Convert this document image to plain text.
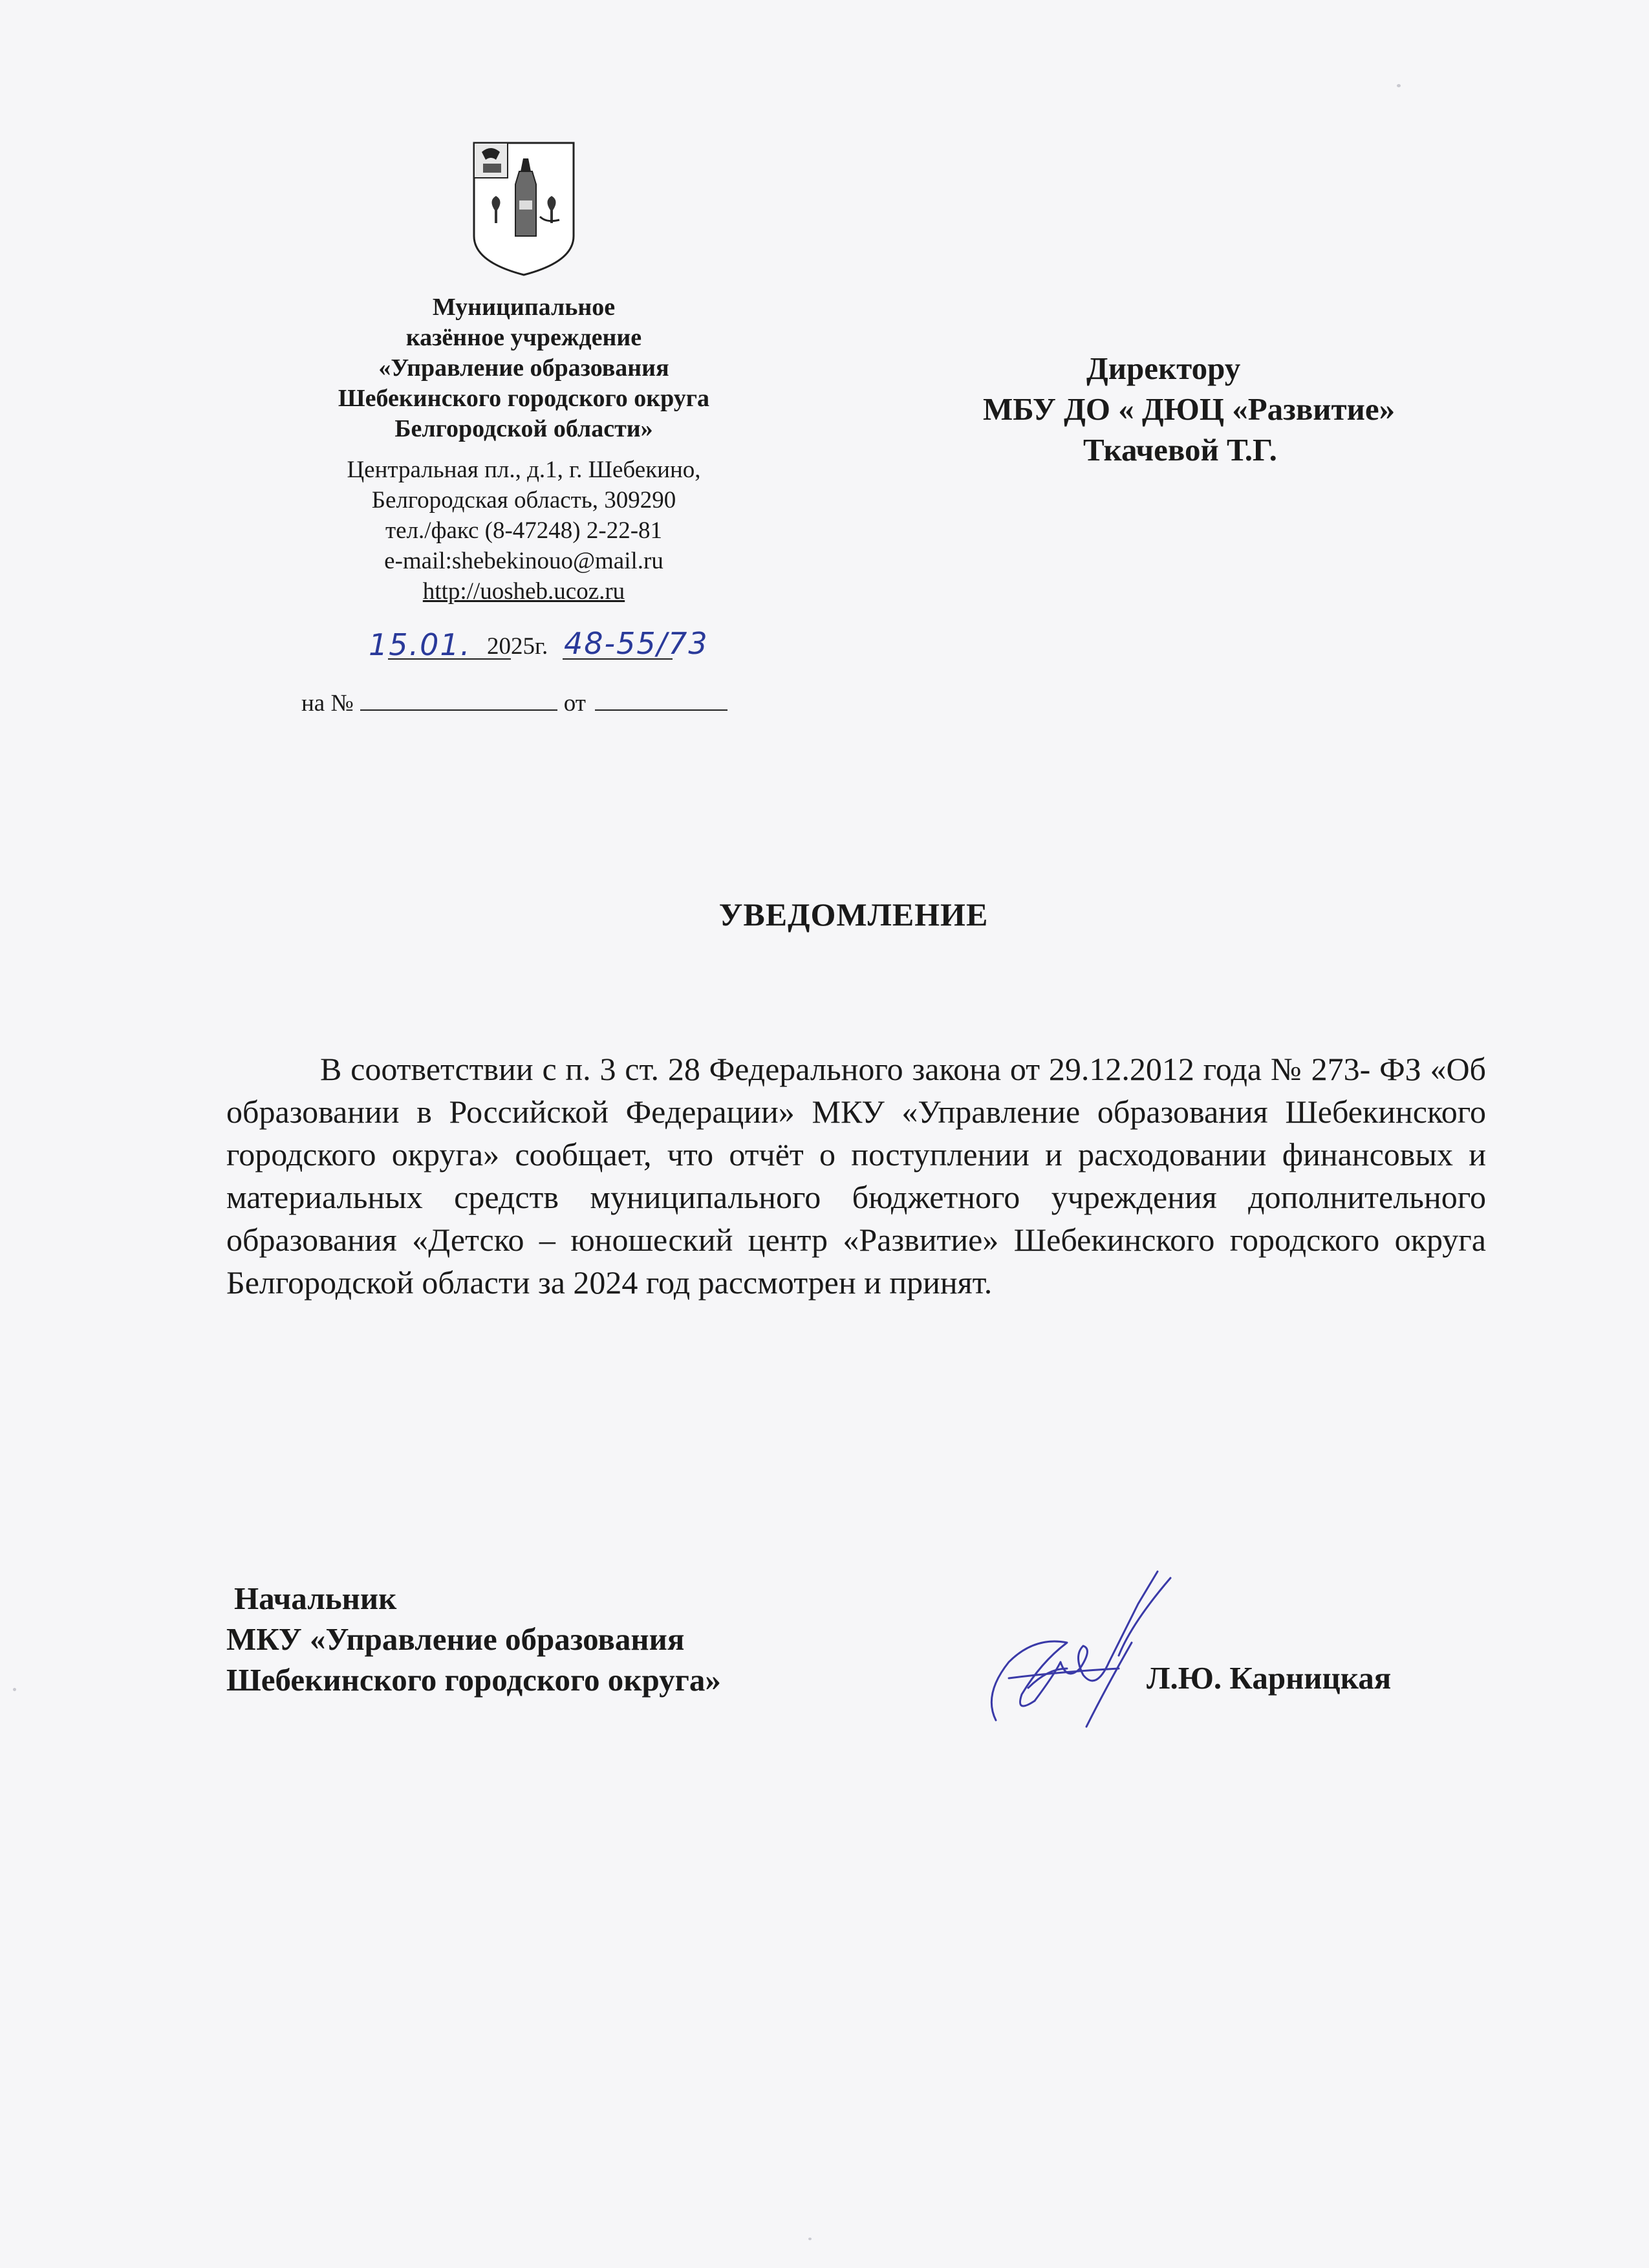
Муниципальное
казённое учреждение
«Управление образования
Шебекинского городского округа
Белгородской области»
Центральная пл., д.1, г. Шебекино,
Белгородская область, 309290
тел./факс (8-47248) 2-22-81
e-mail:shebekinouo@mail.ru
http://uosheb.ucoz.ru
15.01. 2025г. 48-55/73
на №	от
Директору
МБУ ДО « ДЮЦ «Развитие»
Ткачевой Т.Г.
УВЕДОМЛЕНИЕ
В соответствии с п. 3 ст. 28 Федерального закона от 29.12.2012 года № 273- ФЗ «Об образовании в Российской Федерации» МКУ «Управление образования Шебекинского городского округа» сообщает, что отчёт о поступлении и расходовании финансовых и материальных средств муниципального бюджетного учреждения дополнительного образования «Детско – юношеский центр «Развитие» Шебекинского городского округа Белгородской области за 2024 год рассмотрен и принят.
Начальник
МКУ «Управление образования
Шебекинского городского округа»	Л.Ю. Карницкая
